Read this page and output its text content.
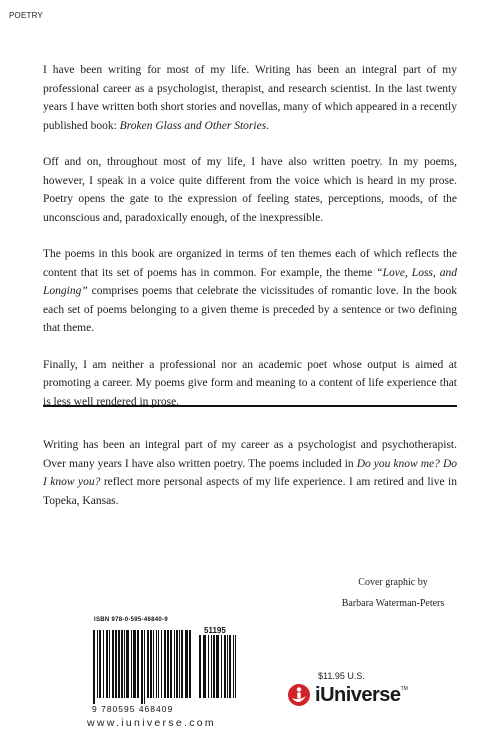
POETRY

I have been writing for most of my life. Writing has been an integral part of my professional career as a psychologist, therapist, and research scientist. In the last twenty years I have written both short stories and novellas, many of which appeared in a recently published book: Broken Glass and Other Stories.

Off and on, throughout most of my life, I have also written poetry. In my poems, however, I speak in a voice quite different from the voice which is heard in my prose. Poetry opens the gate to the expression of feeling states, perceptions, moods, of the unconscious and, paradoxically enough, of the inexpressible.

The poems in this book are organized in terms of ten themes each of which reflects the content that its set of poems has in common. For example, the theme “Love, Loss, and Longing” comprises poems that celebrate the vicissitudes of romantic love. In the book each set of poems belonging to a given theme is preceded by a sentence or two defining that theme.

Finally, I am neither a professional nor an academic poet whose output is aimed at promoting a career. My poems give form and meaning to a content of life experience that is less well rendered in prose.

Writing has been an integral part of my career as a psychologist and psychotherapist. Over many years I have also written poetry. The poems included in Do you know me? Do I know you? reflect more personal aspects of my life experience. I am retired and live in Topeka, Kansas.

Cover graphic by
Barbara Waterman-Peters
ISBN 978-0-595-46840-9
51195
9 780595 468409
www.iuniverse.com
$11.95 U.S.
iUniverse TM
